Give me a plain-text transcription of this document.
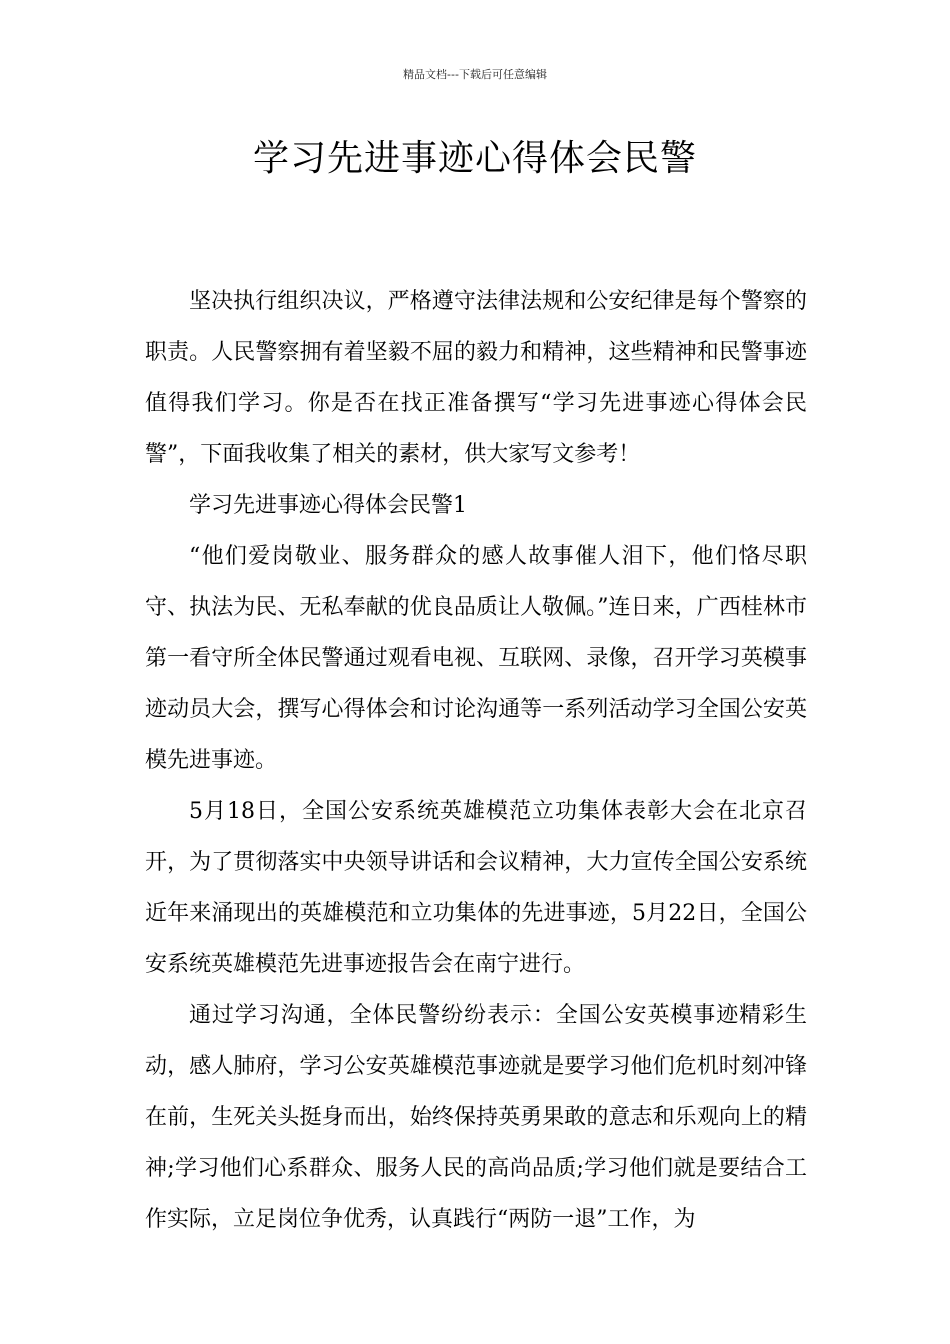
精品文档---下载后可任意编辑
学习先进事迹心得体会民警

坚决执行组织决议，严格遵守法律法规和公安纪律是每个警察的职责。人民警察拥有着坚毅不屈的毅力和精神，这些精神和民警事迹值得我们学习。你是否在找正准备撰写“学习先进事迹心得体会民警”，下面我收集了相关的素材，供大家写文参考！

学习先进事迹心得体会民警1

“他们爱岗敬业、服务群众的感人故事催人泪下，他们恪尽职守、执法为民、无私奉献的优良品质让人敬佩。”连日来，广西桂林市第一看守所全体民警通过观看电视、互联网、录像，召开学习英模事迹动员大会，撰写心得体会和讨论沟通等一系列活动学习全国公安英模先进事迹。

5月18日，全国公安系统英雄模范立功集体表彰大会在北京召开，为了贯彻落实中央领导讲话和会议精神，大力宣传全国公安系统近年来涌现出的英雄模范和立功集体的先进事迹，5月22日，全国公安系统英雄模范先进事迹报告会在南宁进行。

通过学习沟通，全体民警纷纷表示：全国公安英模事迹精彩生动，感人肺府，学习公安英雄模范事迹就是要学习他们危机时刻冲锋在前，生死关头挺身而出，始终保持英勇果敢的意志和乐观向上的精神;学习他们心系群众、服务人民的高尚品质;学习他们就是要结合工作实际，立足岗位争优秀，认真践行“两防一退”工作，为
